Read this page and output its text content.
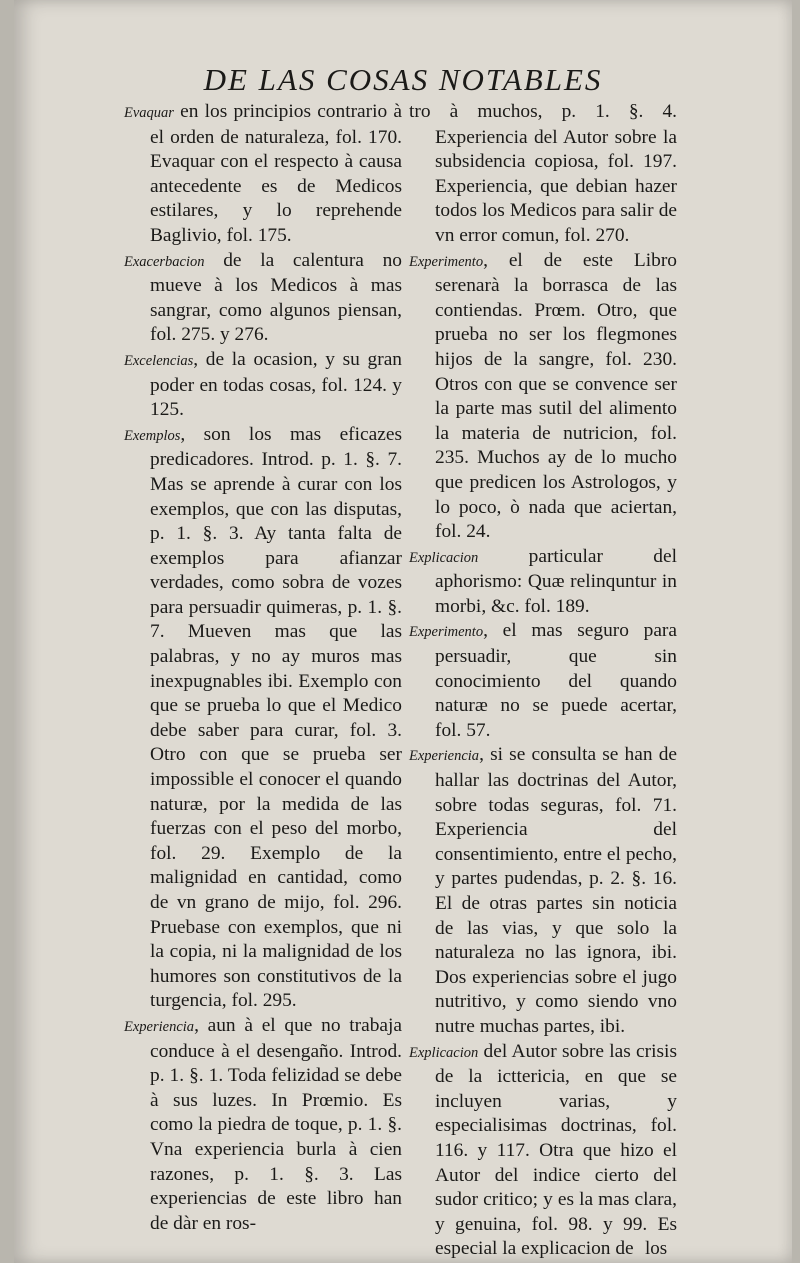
DE LAS COSAS NOTABLES

Evaquar en los principios contrario à el orden de naturaleza, fol. 170. Evaquar con el respecto à causa antecedente es de Medicos estilares, y lo reprehende Baglivio, fol. 175.

Exacerbacion de la calentura no mueve à los Medicos à mas sangrar, como algunos piensan, fol. 275. y 276.

Excelencias, de la ocasion, y su gran poder en todas cosas, fol. 124. y 125.

Exemplos, son los mas eficazes predicadores. Introd. p. 1. §. 7. Mas se aprende à curar con los exemplos, que con las disputas, p. 1. §. 3. Ay tanta falta de exemplos para afianzar verdades, como sobra de vozes para persuadir quimeras, p. 1. §. 7. Mueven mas que las palabras, y no ay muros mas inexpugnables ibi. Exemplo con que se prueba lo que el Medico debe saber para curar, fol. 3. Otro con que se prueba ser impossible el conocer el quando naturæ, por la medida de las fuerzas con el peso del morbo, fol. 29. Exemplo de la malignidad en cantidad, como de vn grano de mijo, fol. 296. Pruebase con exemplos, que ni la copia, ni la malignidad de los humores son constitutivos de la turgencia, fol. 295.

Experiencia, aun à el que no trabaja conduce à el desengaño. Introd. p. 1. §. 1. Toda felizidad se debe à sus luzes. In Prœmio. Es como la piedra de toque, p. 1. §. Vna experiencia burla à cien razones, p. 1. §. 3. Las experiencias de este libro han de dàr en ros-

tro à muchos, p. 1. §. 4. Experiencia del Autor sobre la subsidencia copiosa, fol. 197. Experiencia, que debian hazer todos los Medicos para salir de vn error comun, fol. 270.

Experimento, el de este Libro serenarà la borrasca de las contiendas. Prœm. Otro, que prueba no ser los flegmones hijos de la sangre, fol. 230. Otros con que se convence ser la parte mas sutil del alimento la materia de nutricion, fol. 235. Muchos ay de lo mucho que predicen los Astrologos, y lo poco, ò nada que aciertan, fol. 24.

Explicacion particular del aphorismo: Quæ relinquntur in morbi, &c. fol. 189.

Experimento, el mas seguro para persuadir, que sin conocimiento del quando naturæ no se puede acertar, fol. 57.

Experiencia, si se consulta se han de hallar las doctrinas del Autor, sobre todas seguras, fol. 71. Experiencia del consentimiento, entre el pecho, y partes pudendas, p. 2. §. 16. El de otras partes sin noticia de las vias, y que solo la naturaleza no las ignora, ibi. Dos experiencias sobre el jugo nutritivo, y como siendo vno nutre muchas partes, ibi.

Explicacion del Autor sobre las crisis de la icttericia, en que se incluyen varias, y especialisimas doctrinas, fol. 116. y 117. Otra que hizo el Autor del indice cierto del sudor critico; y es la mas clara, y genuina, fol. 98. y 99. Es especial la explicacion de los
